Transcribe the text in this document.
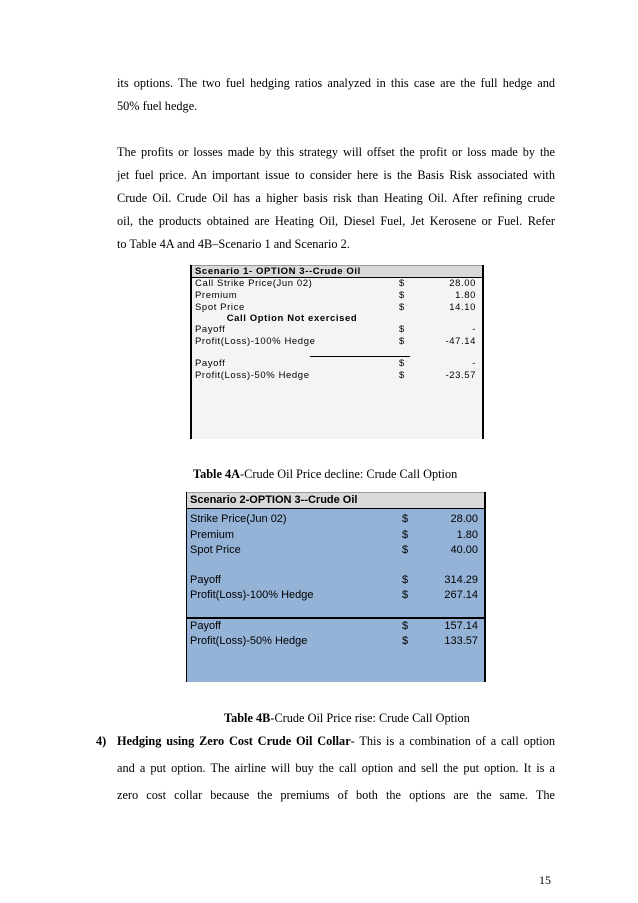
its options. The two fuel hedging ratios analyzed in this case are the full hedge and
50% fuel hedge.
The profits or losses made by this strategy will offset the profit or loss made by the
jet fuel price. An important issue to consider here is the Basis Risk associated with
Crude Oil. Crude Oil has a higher basis risk than Heating Oil. After refining crude
oil, the products obtained are Heating Oil, Diesel Fuel, Jet Kerosene or Fuel. Refer
to Table 4A and 4B–Scenario 1 and Scenario 2.
Scenario 1- OPTION 3--Crude Oil
Call Strike Price(Jun 02)	$	28.00
Premium	$	1.80
Spot Price	$	14.10
Call Option Not exercised
Payoff	$	-
Profit(Loss)-100% Hedge	$	-47.14
Payoff	$	-
Profit(Loss)-50% Hedge	$	-23.57
Table 4A-Crude Oil Price decline: Crude Call Option
Scenario 2-OPTION 3--Crude Oil
Strike Price(Jun 02)	$	28.00
Premium	$	1.80
Spot Price	$	40.00
Payoff	$	314.29
Profit(Loss)-100% Hedge	$	267.14
Payoff	$	157.14
Profit(Loss)-50% Hedge	$	133.57
Table 4B-Crude Oil Price rise: Crude Call Option
4) Hedging using Zero Cost Crude Oil Collar- This is a combination of a call option
and a put option. The airline will buy the call option and sell the put option. It is a
zero cost collar because the premiums of both the options are the same. The
15
